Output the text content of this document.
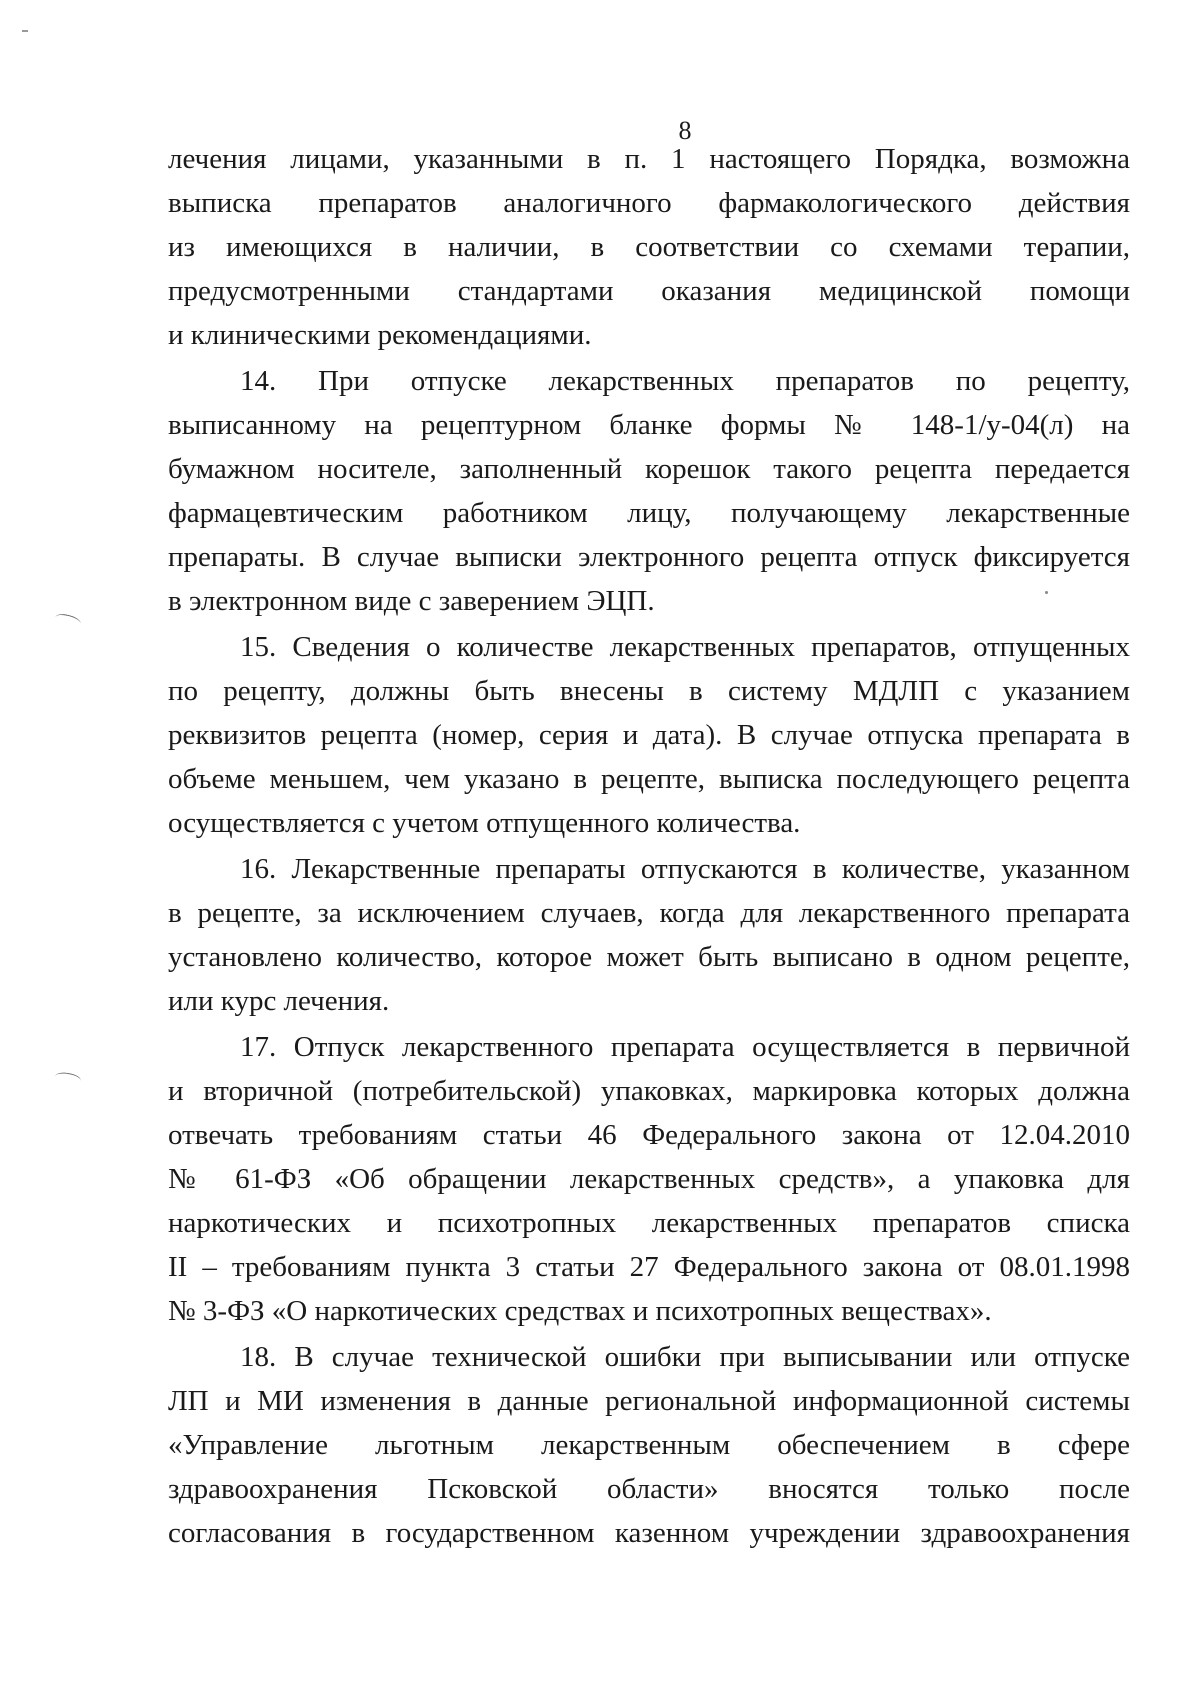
8
лечения лицами, указанными в п. 1 настоящего Порядка, возможна
выписка препаратов аналогичного фармакологического действия
из имеющихся в наличии, в соответствии со схемами терапии,
предусмотренными стандартами оказания медицинской помощи
и клиническими рекомендациями.
14. При отпуске лекарственных препаратов по рецепту,
выписанному на рецептурном бланке формы № 148-1/у-04(л) на
бумажном носителе, заполненный корешок такого рецепта передается
фармацевтическим работником лицу, получающему лекарственные
препараты. В случае выписки электронного рецепта отпуск фиксируется
в электронном виде с заверением ЭЦП.
15. Сведения о количестве лекарственных препаратов, отпущенных
по рецепту, должны быть внесены в систему МДЛП с указанием
реквизитов рецепта (номер, серия и дата). В случае отпуска препарата в
объеме меньшем, чем указано в рецепте, выписка последующего рецепта
осуществляется с учетом отпущенного количества.
16. Лекарственные препараты отпускаются в количестве, указанном
в рецепте, за исключением случаев, когда для лекарственного препарата
установлено количество, которое может быть выписано в одном рецепте,
или курс лечения.
17. Отпуск лекарственного препарата осуществляется в первичной
и вторичной (потребительской) упаковках, маркировка которых должна
отвечать требованиям статьи 46 Федерального закона от 12.04.2010
№ 61-ФЗ «Об обращении лекарственных средств», а упаковка для
наркотических и психотропных лекарственных препаратов списка
II – требованиям пункта 3 статьи 27 Федерального закона от 08.01.1998
№ 3-ФЗ «О наркотических средствах и психотропных веществах».
18. В случае технической ошибки при выписывании или отпуске
ЛП и МИ изменения в данные региональной информационной системы
«Управление льготным лекарственным обеспечением в сфере
здравоохранения Псковской области» вносятся только после
согласования в государственном казенном учреждении здравоохранения
